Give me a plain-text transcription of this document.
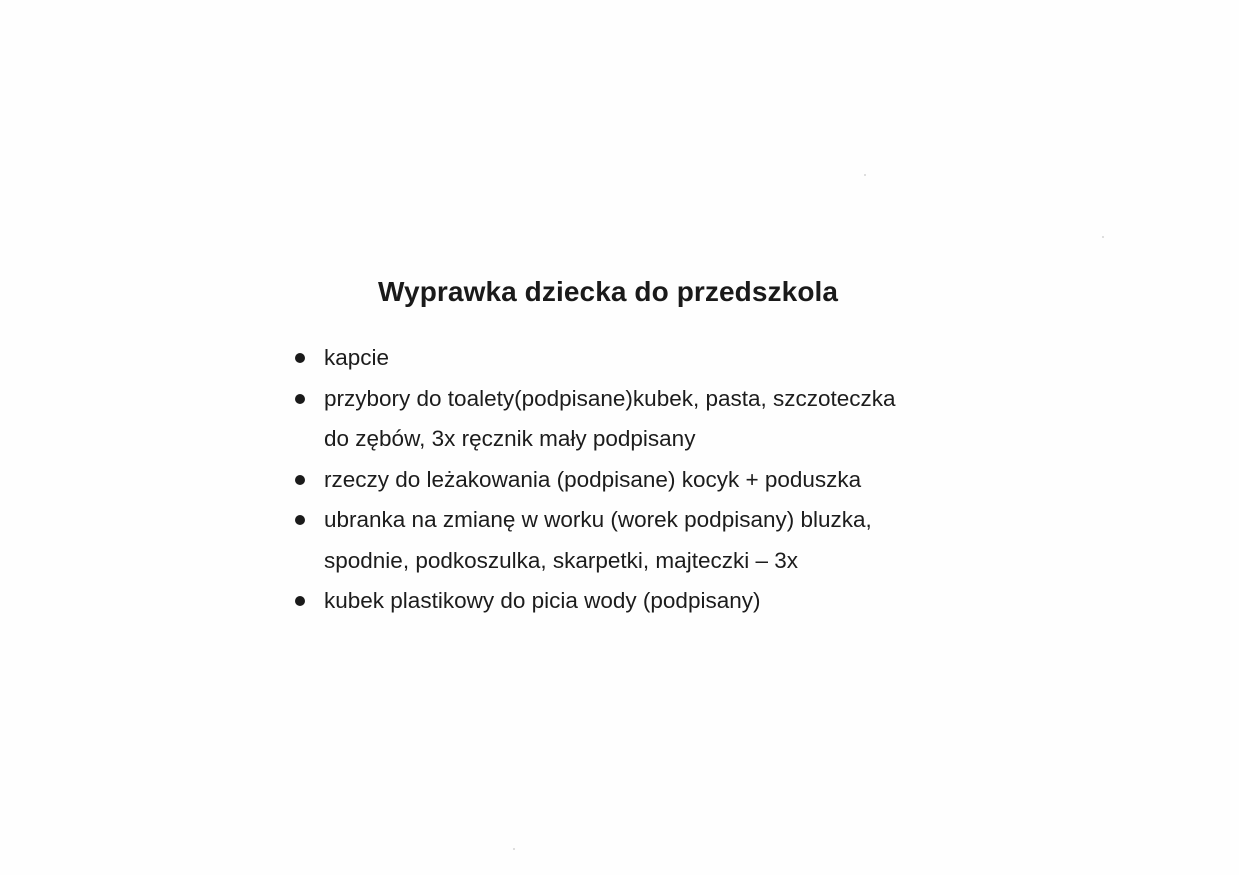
Wyprawka dziecka do przedszkola
kapcie
przybory do toalety(podpisane)kubek, pasta, szczoteczka
do zębów, 3x ręcznik mały podpisany
rzeczy do leżakowania (podpisane) kocyk + poduszka
ubranka na zmianę w worku (worek podpisany) bluzka,
spodnie, podkoszulka, skarpetki, majteczki – 3x
kubek plastikowy do picia wody (podpisany)
